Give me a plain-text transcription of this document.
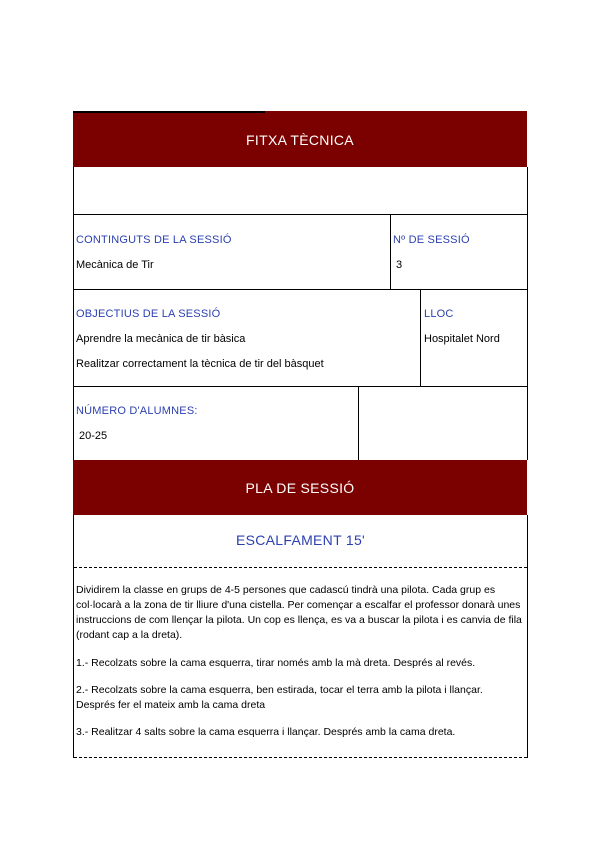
FITXA TÈCNICA
CONTINGUTS DE LA SESSIÓ
Mecànica de Tir
Nº DE SESSIÓ
3
OBJECTIUS DE LA SESSIÓ
Aprendre la mecànica de tir bàsica
Realitzar correctament la tècnica de tir del bàsquet
LLOC
Hospitalet Nord
NÚMERO D'ALUMNES:
20-25
PLA DE SESSIÓ
ESCALFAMENT 15'
Dividirem la classe en grups de 4-5 persones que cadascú tindrà una pilota. Cada grup es col·locarà a la zona de tir lliure d'una cistella. Per començar a escalfar el professor donarà unes instruccions de com llençar la pilota. Un cop es llença, es va a buscar la pilota i es canvia de fila (rodant cap a la dreta).
1.- Recolzats sobre la cama esquerra, tirar només amb la mà dreta. Després al revés.
2.- Recolzats sobre la cama esquerra, ben estirada, tocar el terra amb la pilota i llançar. Després fer el mateix amb la cama dreta
3.- Realitzar 4 salts sobre la cama esquerra i llançar. Després amb la cama dreta.
